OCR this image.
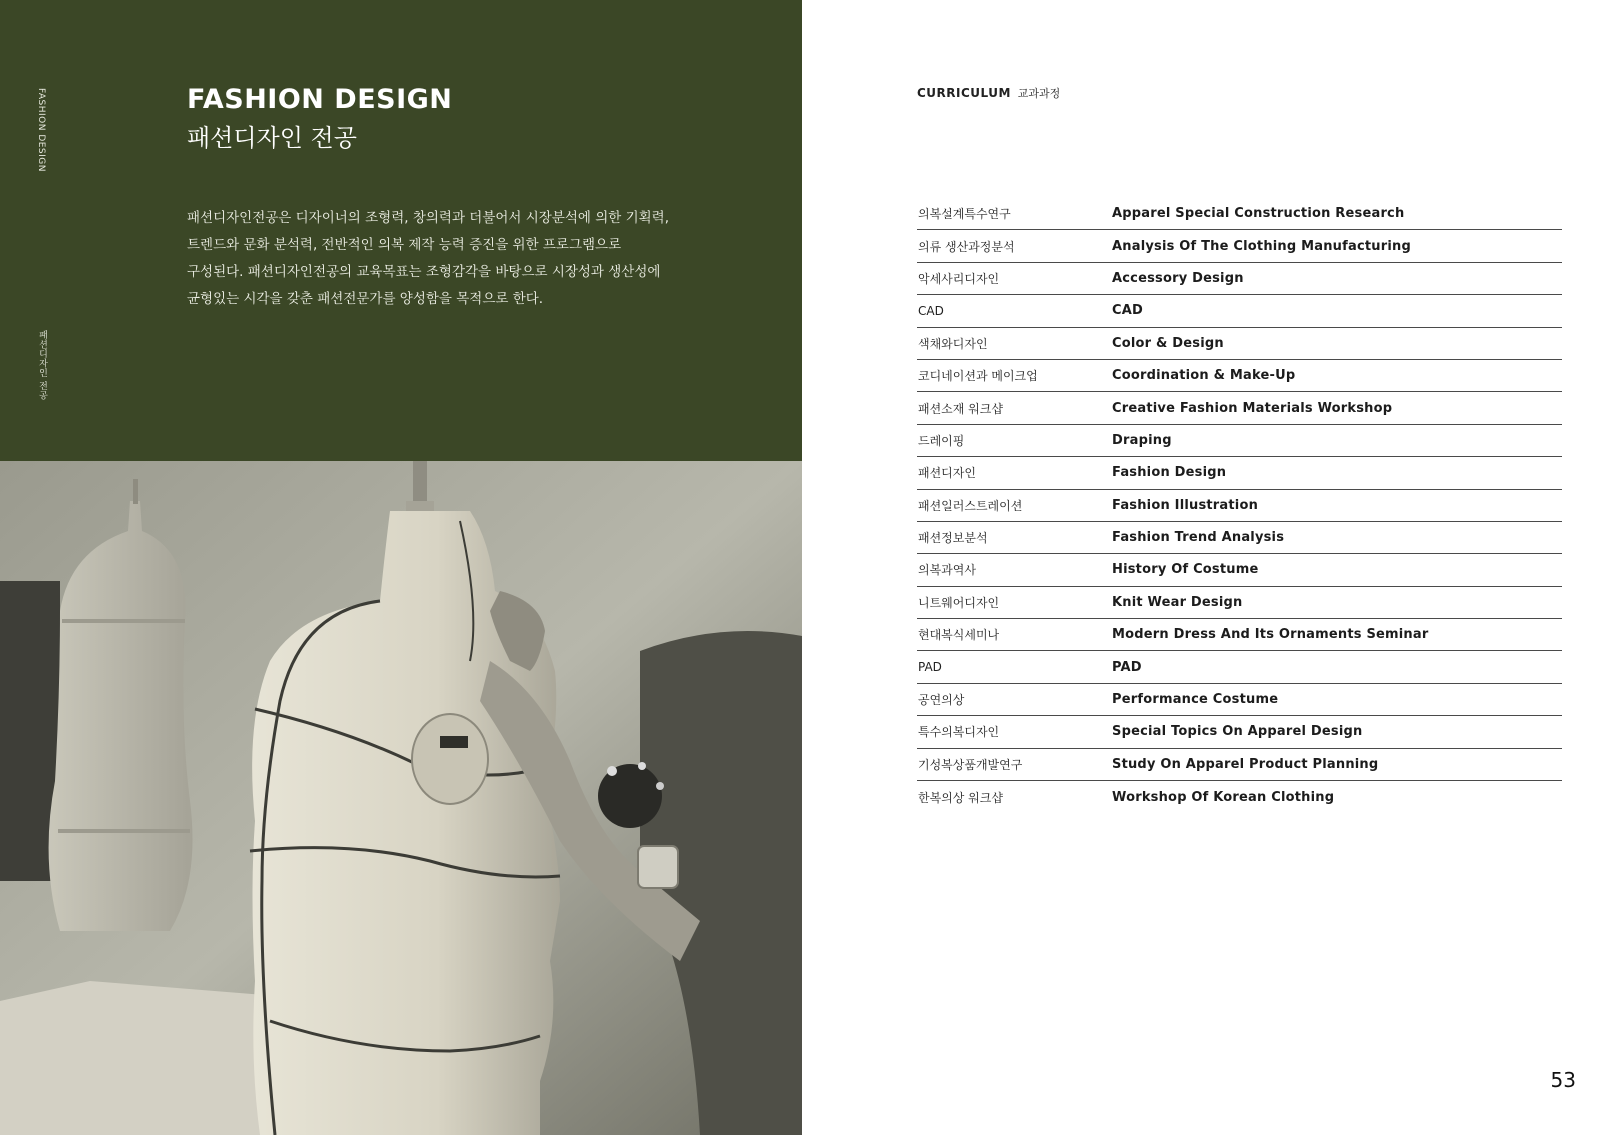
FASHION DESIGN
패션디자인 전공
FASHION DESIGN
패션디자인 전공

패션디자인전공은 디자이너의 조형력, 창의력과 더불어서 시장분석에 의한 기획력,

트렌드와 문화 분석력, 전반적인 의복 제작 능력 증진을 위한 프로그램으로

구성된다. 패션디자인전공의 교육목표는 조형감각을 바탕으로 시장성과 생산성에

균형있는 시각을 갖춘 패션전문가를 양성함을 목적으로 한다.

CURRICULUM 교과과정
의복설계특수연구	Apparel Special Construction Research
의류 생산과정분석	Analysis Of The Clothing Manufacturing
악세사리디자인	Accessory Design
CAD	CAD
색채와디자인	Color & Design
코디네이션과 메이크업	Coordination & Make-Up
패션소재 워크샵	Creative Fashion Materials Workshop
드레이핑	Draping
패션디자인	Fashion Design
패션일러스트레이션	Fashion Illustration
패션정보분석	Fashion Trend Analysis
의복과역사	History Of Costume
니트웨어디자인	Knit Wear Design
현대복식세미나	Modern Dress And Its Ornaments Seminar
PAD	PAD
공연의상	Performance Costume
특수의복디자인	Special Topics On Apparel Design
기성복상품개발연구	Study On Apparel Product Planning
한복의상 워크샵	Workshop Of Korean Clothing
53
